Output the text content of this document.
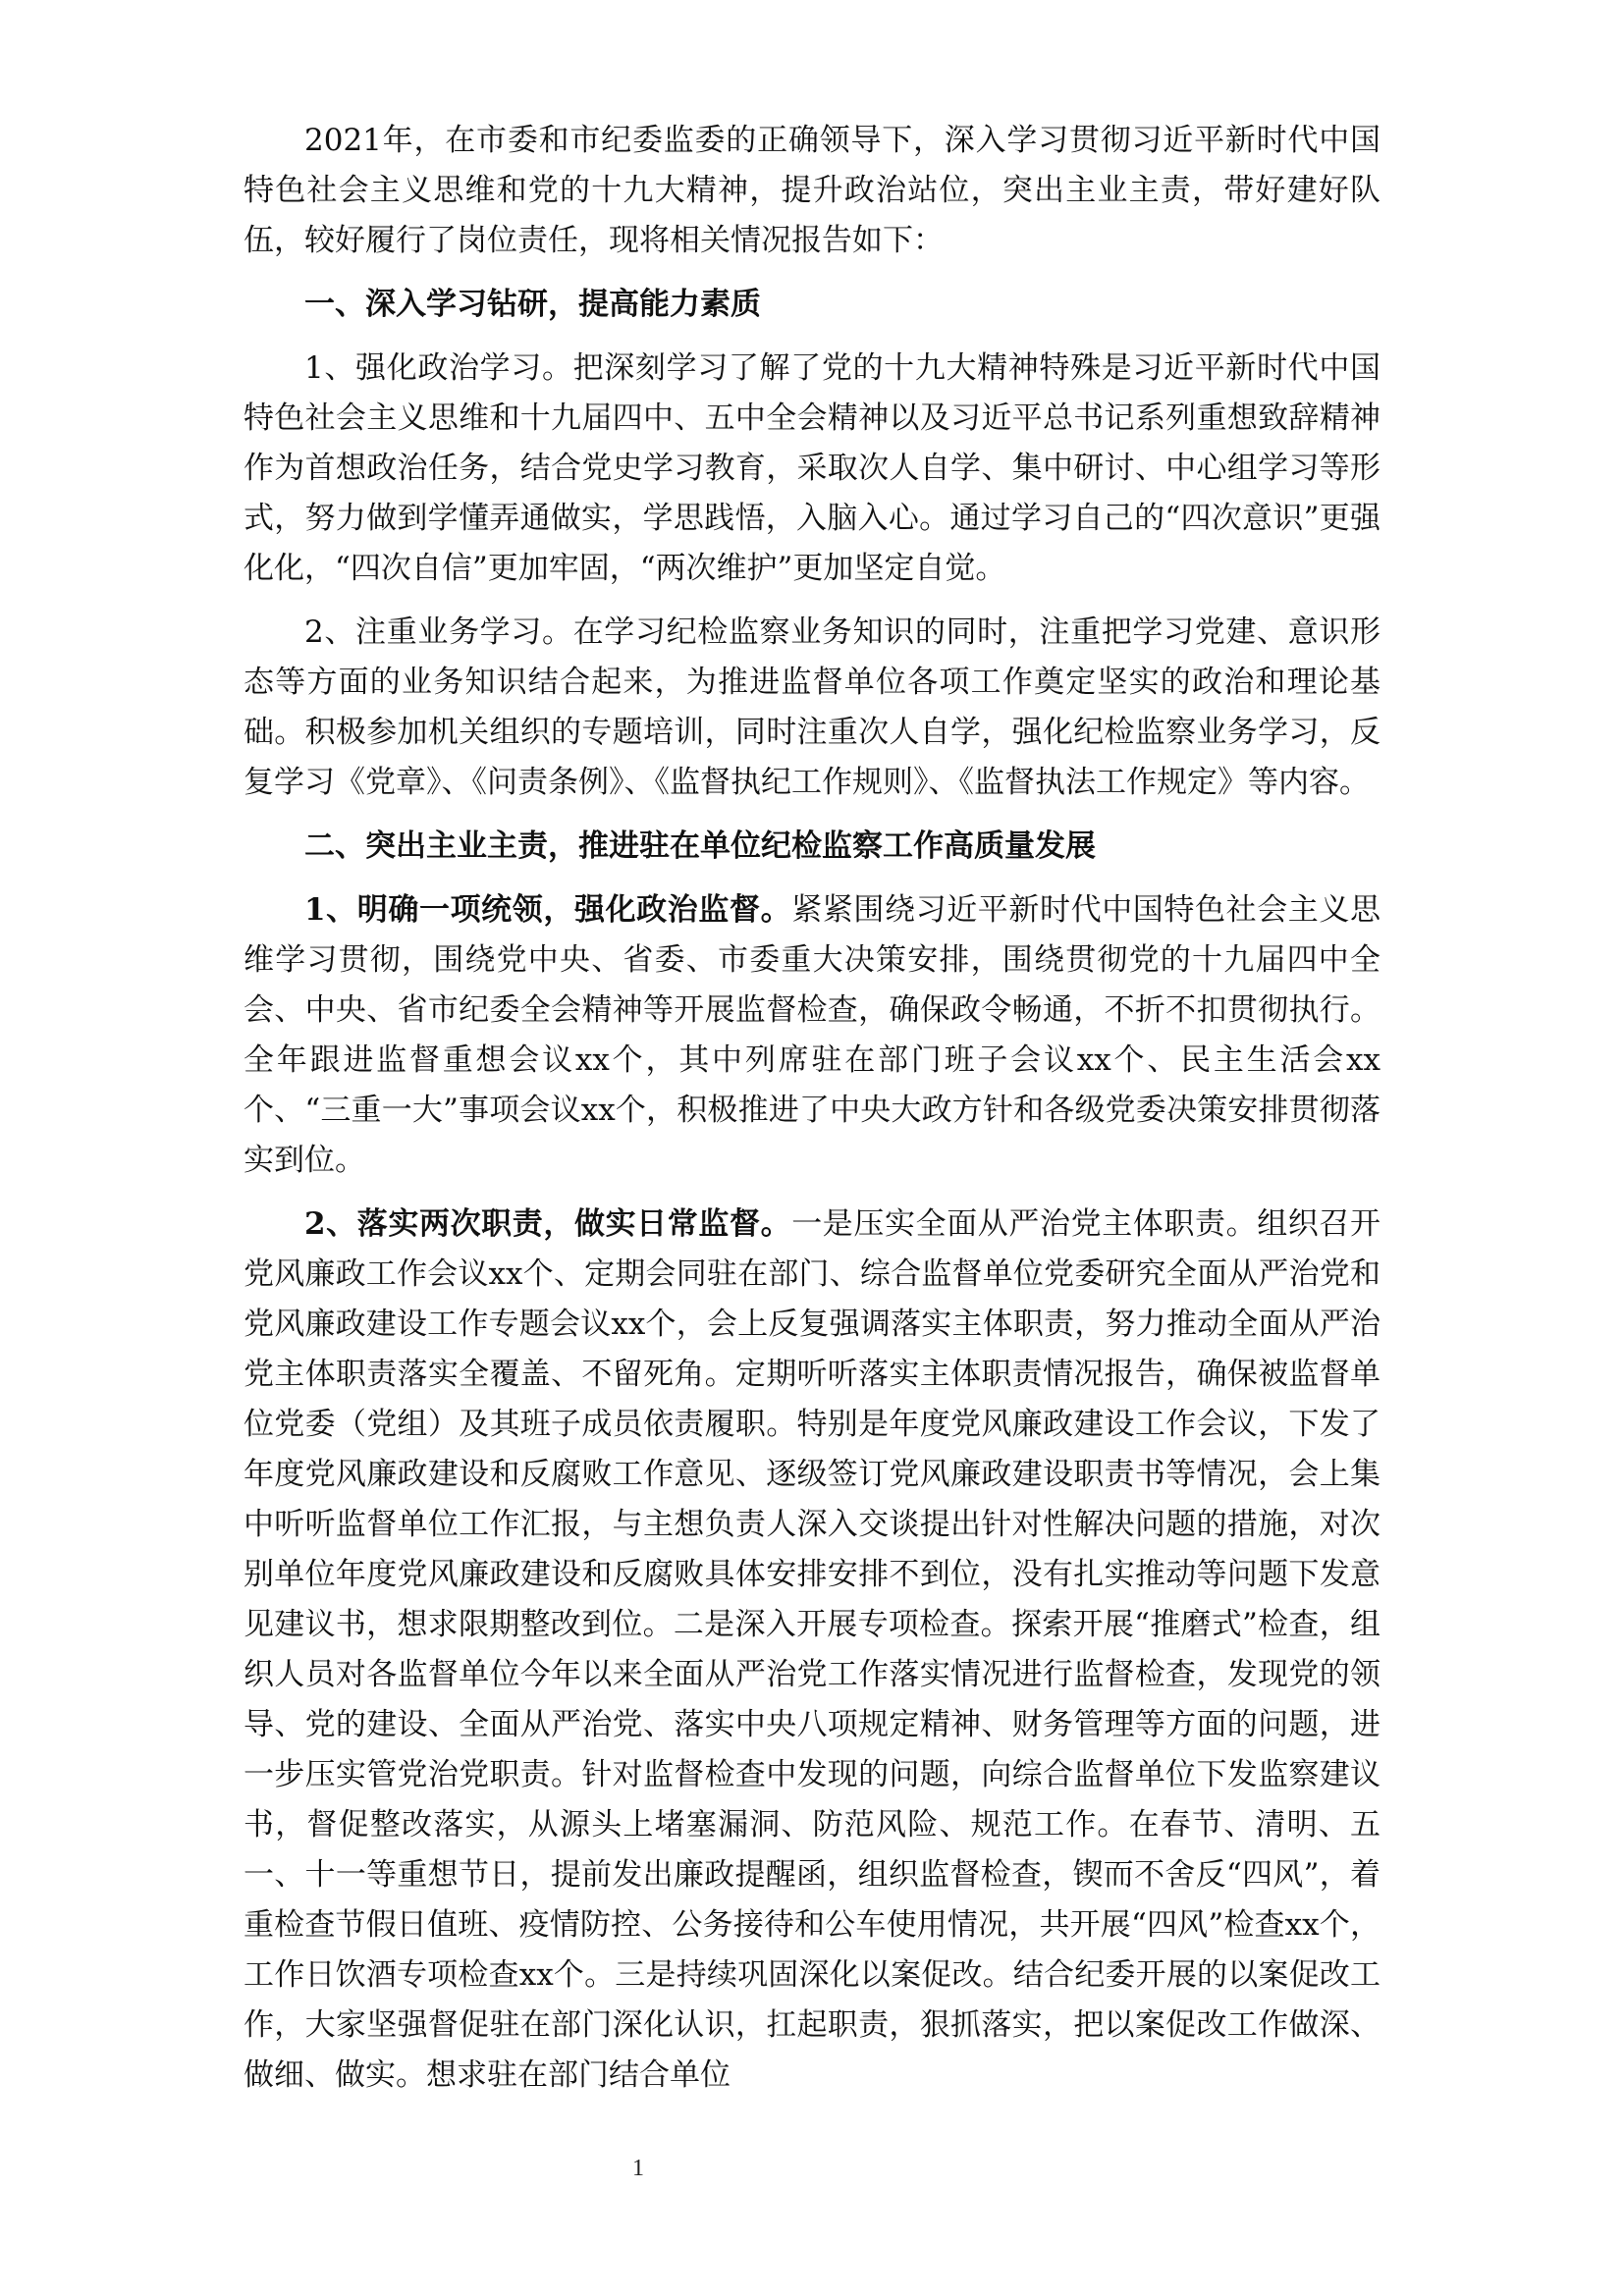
2021年，在市委和市纪委监委的正确领导下，深入学习贯彻习近平新时代中国特色社会主义思维和党的十九大精神，提升政治站位，突出主业主责，带好建好队伍，较好履行了岗位责任，现将相关情况报告如下：

一、深入学习钻研，提高能力素质

1、强化政治学习。把深刻学习了解了党的十九大精神特殊是习近平新时代中国特色社会主义思维和十九届四中、五中全会精神以及习近平总书记系列重想致辞精神作为首想政治任务，结合党史学习教育，采取次人自学、集中研讨、中心组学习等形式，努力做到学懂弄通做实，学思践悟，入脑入心。通过学习自己的“四次意识”更强化化，“四次自信”更加牢固，“两次维护”更加坚定自觉。

2、注重业务学习。在学习纪检监察业务知识的同时，注重把学习党建、意识形态等方面的业务知识结合起来，为推进监督单位各项工作奠定坚实的政治和理论基础。积极参加机关组织的专题培训，同时注重次人自学，强化纪检监察业务学习，反复学习《党章》、《问责条例》、《监督执纪工作规则》、《监督执法工作规定》等内容。

二、突出主业主责，推进驻在单位纪检监察工作高质量发展

1、明确一项统领，强化政治监督。紧紧围绕习近平新时代中国特色社会主义思维学习贯彻，围绕党中央、省委、市委重大决策安排，围绕贯彻党的十九届四中全会、中央、省市纪委全会精神等开展监督检查，确保政令畅通，不折不扣贯彻执行。全年跟进监督重想会议xx个，其中列席驻在部门班子会议xx个、民主生活会xx个、“三重一大”事项会议xx个，积极推进了中央大政方针和各级党委决策安排贯彻落实到位。

2、落实两次职责，做实日常监督。一是压实全面从严治党主体职责。组织召开党风廉政工作会议xx个、定期会同驻在部门、综合监督单位党委研究全面从严治党和党风廉政建设工作专题会议xx个，会上反复强调落实主体职责，努力推动全面从严治党主体职责落实全覆盖、不留死角。定期听听落实主体职责情况报告，确保被监督单位党委（党组）及其班子成员依责履职。特别是年度党风廉政建设工作会议，下发了年度党风廉政建设和反腐败工作意见、逐级签订党风廉政建设职责书等情况，会上集中听听监督单位工作汇报，与主想负责人深入交谈提出针对性解决问题的措施，对次别单位年度党风廉政建设和反腐败具体安排安排不到位，没有扎实推动等问题下发意见建议书，想求限期整改到位。二是深入开展专项检查。探索开展“推磨式”检查，组织人员对各监督单位今年以来全面从严治党工作落实情况进行监督检查，发现党的领导、党的建设、全面从严治党、落实中央八项规定精神、财务管理等方面的问题，进一步压实管党治党职责。针对监督检查中发现的问题，向综合监督单位下发监察建议书，督促整改落实，从源头上堵塞漏洞、防范风险、规范工作。在春节、清明、五一、十一等重想节日，提前发出廉政提醒函，组织监督检查，锲而不舍反“四风”，着重检查节假日值班、疫情防控、公务接待和公车使用情况，共开展“四风”检查xx个，工作日饮酒专项检查xx个。三是持续巩固深化以案促改。结合纪委开展的以案促改工作，大家坚强督促驻在部门深化认识，扛起职责，狠抓落实，把以案促改工作做深、做细、做实。想求驻在部门结合单位

1
